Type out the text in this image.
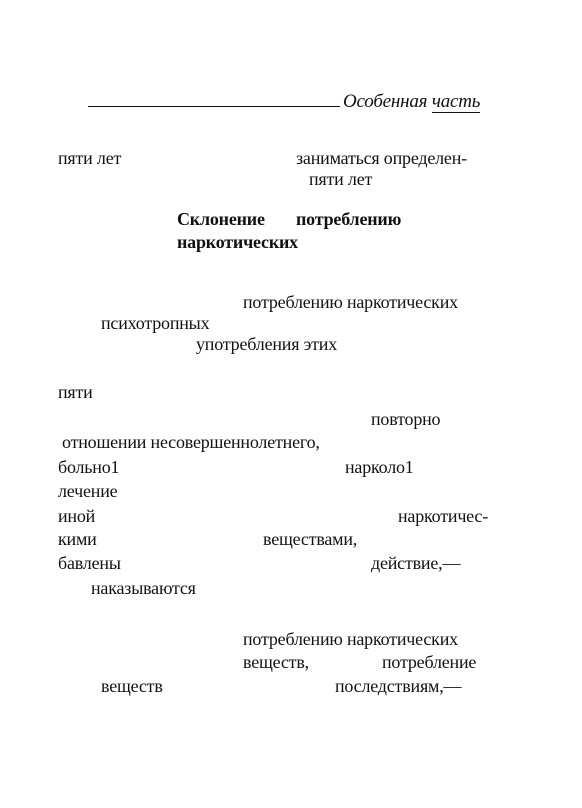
Особенная часть
пяти лет	заниматься определен-
пяти лет
Склонение потреблению
наркотических
потреблению наркотических
психотропных
употребления этих
пяти
повторно
отношении несовершеннолетнего,
больно1	нарколо1
лечение
иной	наркотичес-
кими	веществами,
бавлены	действие,—
наказываются
потреблению наркотических
веществ,	потребление
веществ	последствиям,—
